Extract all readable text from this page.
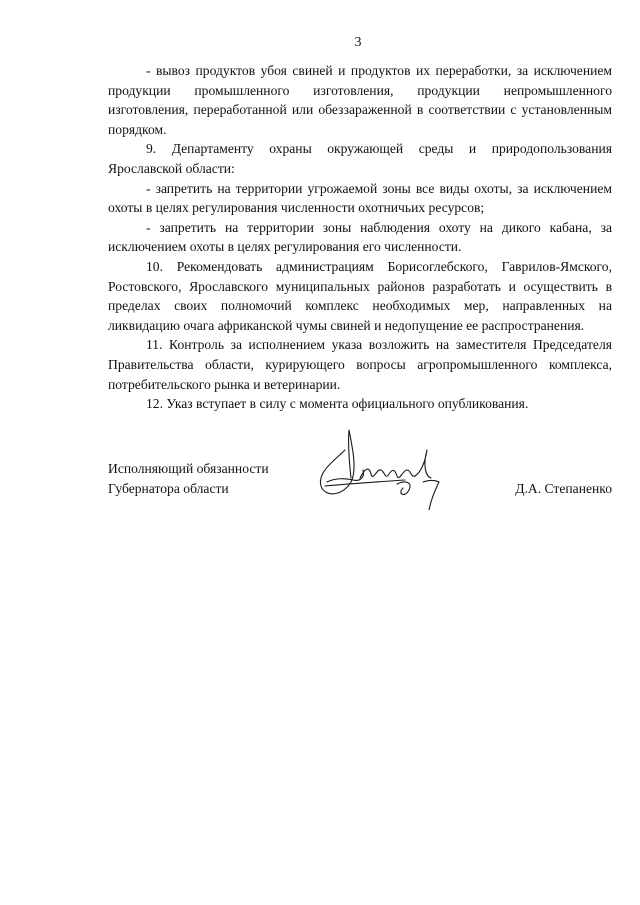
3

- вывоз продуктов убоя свиней и продуктов их переработки, за исключением продукции промышленного изготовления, продукции непромышленного изготовления, переработанной или обеззараженной в соответствии с установленным порядком.

9. Департаменту охраны окружающей среды и природопользования Ярославской области:

- запретить на территории угрожаемой зоны все виды охоты, за исключением охоты в целях регулирования численности охотничьих ресурсов;

- запретить на территории зоны наблюдения охоту на дикого кабана, за исключением охоты в целях регулирования его численности.

10. Рекомендовать администрациям Борисоглебского, Гаврилов-Ямского, Ростовского, Ярославского муниципальных районов разработать и осуществить в пределах своих полномочий комплекс необходимых мер, направленных на ликвидацию очага африканской чумы свиней и недопущение ее распространения.

11. Контроль за исполнением указа возложить на заместителя Председателя Правительства области, курирующего вопросы агропромышленного комплекса, потребительского рынка и ветеринарии.

12. Указ вступает в силу с момента официального опубликования.

Исполняющий обязанности
Губернатора области	Д.А. Степаненко
